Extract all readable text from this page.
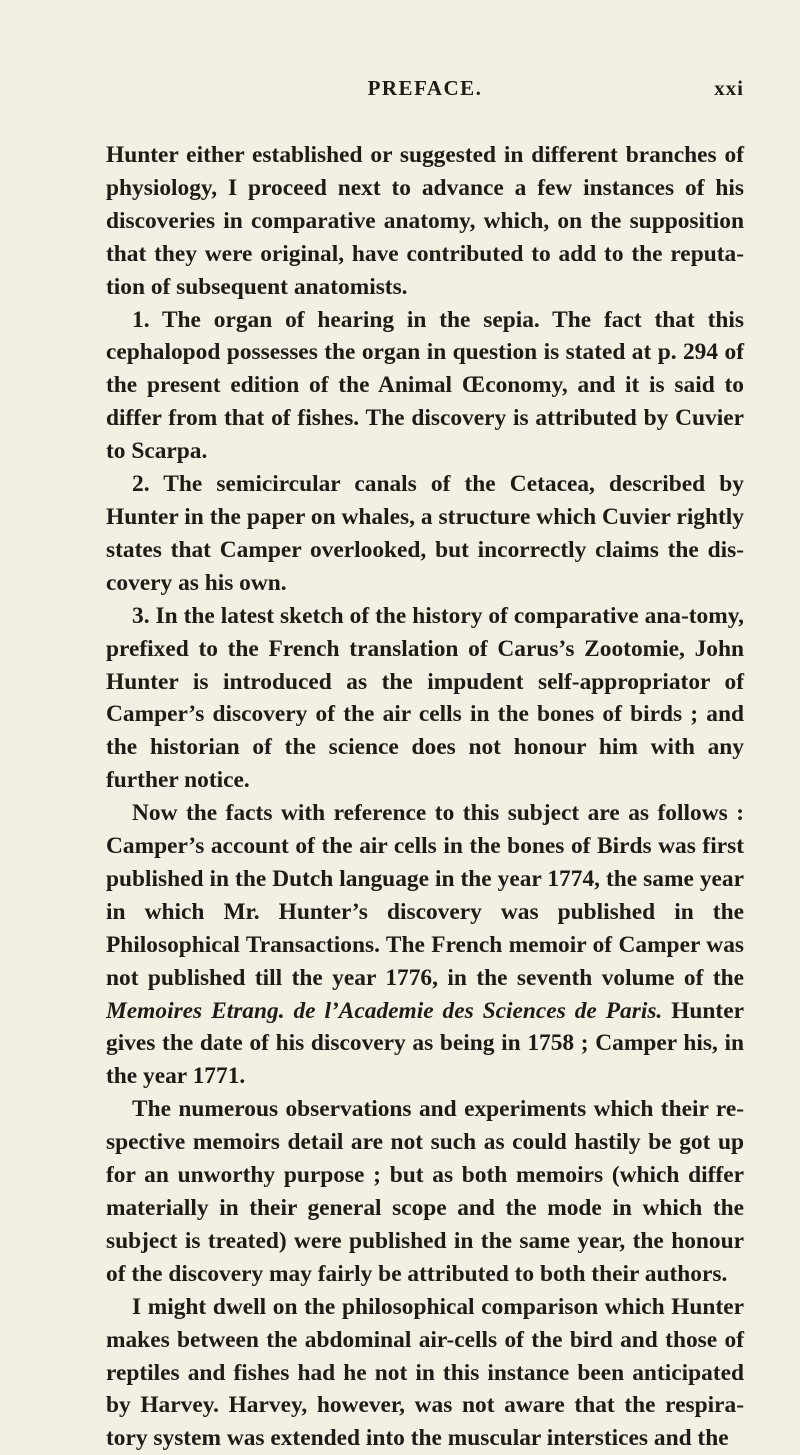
PREFACE.	xxi

Hunter either established or suggested in different branches of physiology, I proceed next to advance a few instances of his discoveries in comparative anatomy, which, on the supposition that they were original, have contributed to add to the reputa-tion of subsequent anatomists.

1. The organ of hearing in the sepia. The fact that this cephalopod possesses the organ in question is stated at p. 294 of the present edition of the Animal Œconomy, and it is said to differ from that of fishes. The discovery is attributed by Cuvier to Scarpa.

2. The semicircular canals of the Cetacea, described by Hunter in the paper on whales, a structure which Cuvier rightly states that Camper overlooked, but incorrectly claims the dis-covery as his own.

3. In the latest sketch of the history of comparative ana-tomy, prefixed to the French translation of Carus’s Zootomie, John Hunter is introduced as the impudent self-appropriator of Camper’s discovery of the air cells in the bones of birds ; and the historian of the science does not honour him with any further notice.

Now the facts with reference to this subject are as follows : Camper’s account of the air cells in the bones of Birds was first published in the Dutch language in the year 1774, the same year in which Mr. Hunter’s discovery was published in the Philosophical Transactions. The French memoir of Camper was not published till the year 1776, in the seventh volume of the Memoires Etrang. de l’Academie des Sciences de Paris. Hunter gives the date of his discovery as being in 1758 ; Camper his, in the year 1771.

The numerous observations and experiments which their re-spective memoirs detail are not such as could hastily be got up for an unworthy purpose ; but as both memoirs (which differ materially in their general scope and the mode in which the subject is treated) were published in the same year, the honour of the discovery may fairly be attributed to both their authors.

I might dwell on the philosophical comparison which Hunter makes between the abdominal air-cells of the bird and those of reptiles and fishes had he not in this instance been anticipated by Harvey. Harvey, however, was not aware that the respira-tory system was extended into the muscular interstices and the
